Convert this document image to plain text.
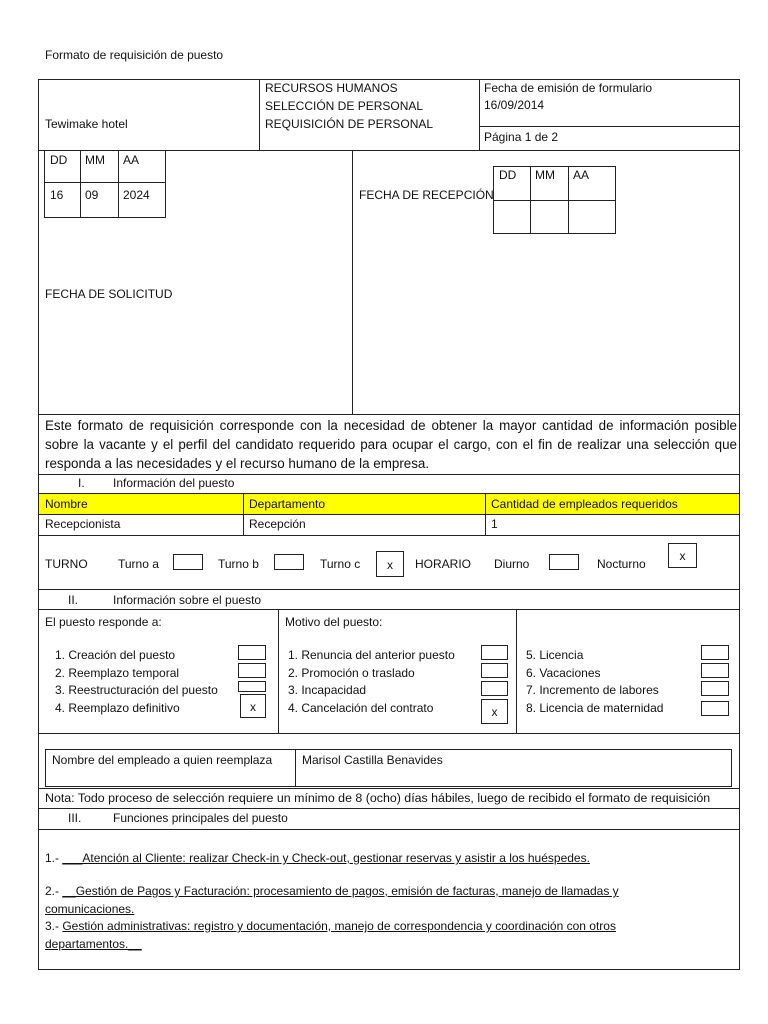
Formato de requisición de puesto
Tewimake hotel
RECURSOS HUMANOS
SELECCIÓN DE PERSONAL
REQUISICIÓN DE PERSONAL
Fecha de emisión de formulario
16/09/2014
Página 1 de 2
DD MM AA
16 09 2024
FECHA DE SOLICITUD
FECHA DE RECEPCIÓN
DD MM AA
Este formato de requisición corresponde con la necesidad de obtener la mayor cantidad de información posible sobre la vacante y el perfil del candidato requerido para ocupar el cargo, con el fin de realizar una selección que responda a las necesidades y el recurso humano de la empresa.
I. Información del puesto
Nombre	Departamento	Cantidad de empleados requeridos
Recepcionista	Recepción	1
TURNO	Turno a	Turno b	Turno c	x	HORARIO Diurno	Nocturno
x
II.	Información sobre el puesto
El puesto responde a:
1. Creación del puesto
2. Reemplazo temporal
3. Reestructuración del puesto
4. Reemplazo definitivo	x
Motivo del puesto:
1. Renuncia del anterior puesto
2. Promoción o traslado
3. Incapacidad
4. Cancelación del contrato	x
5. Licencia
6. Vacaciones
7. Incremento de labores
8. Licencia de maternidad
Nombre del empleado a quien reemplaza Marisol Castilla Benavides
Nota: Todo proceso de selección requiere un mínimo de 8 (ocho) días hábiles, luego de recibido el formato de requisición
III.	Funciones principales del puesto
1.- ___Atención al Cliente: realizar Check-in y Check-out, gestionar reservas y asistir a los huéspedes.
2.- __Gestión de Pagos y Facturación: procesamiento de pagos, emisión de facturas, manejo de llamadas y
comunicaciones.
3.- Gestión administrativas: registro y documentación, manejo de correspondencia y coordinación con otros
departamentos.__
